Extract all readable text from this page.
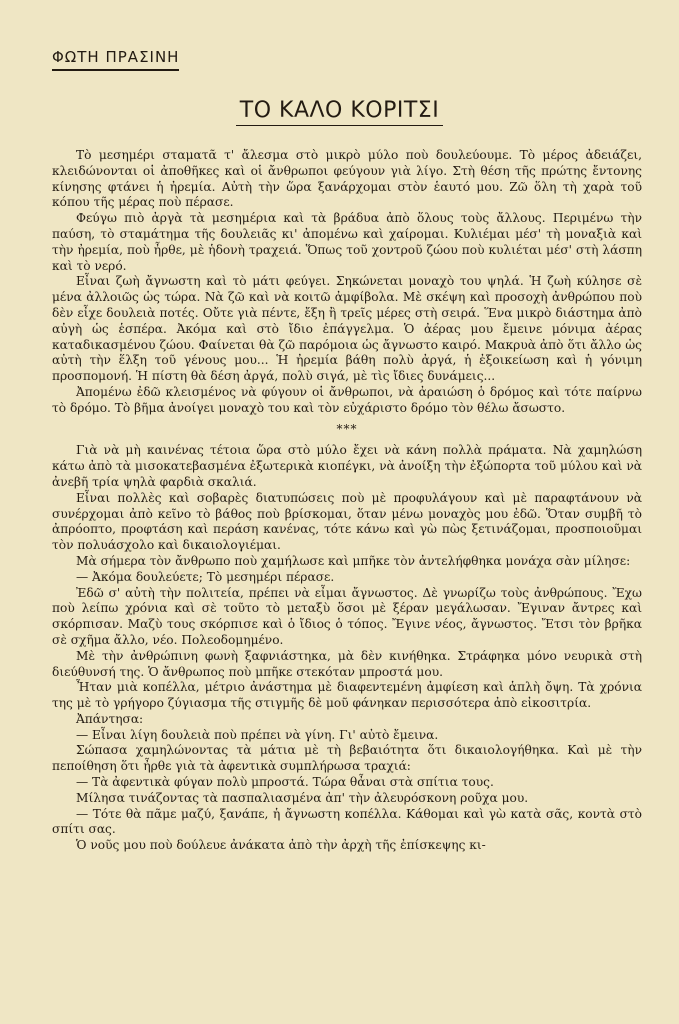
ΦΩΤΗ ΠΡΑΣΙΝΗ
ΤΟ ΚΑΛΟ ΚΟΡΙΤΣΙ

Τὸ μεσημέρι σταματᾶ τ' ἄλεσμα στὸ μικρὸ μύλο ποὺ δουλεύουμε. Τὸ μέρος ἀδειάζει, κλειδώνονται οἱ ἀποθῆκες καὶ οἱ ἄνθρωποι φεύγουν γιὰ λίγο. Στὴ θέση τῆς πρώτης ἔντονης κίνησης φτάνει ἡ ἠρεμία. Αὐτὴ τὴν ὥρα ξανάρχομαι στὸν ἑαυτό μου. Ζῶ ὅλη τὴ χαρὰ τοῦ κόπου τῆς μέρας ποὺ πέρασε.

Φεύγω πιὸ ἀργὰ τὰ μεσημέρια καὶ τὰ βράδυα ἀπὸ ὅλους τοὺς ἄλλους. Περιμένω τὴν παύση, τὸ σταμάτημα τῆς δουλειᾶς κι' ἀπομένω καὶ χαίρομαι. Κυλιέμαι μέσ' τὴ μοναξιὰ καὶ τὴν ἠρεμία, ποὺ ἦρθε, μὲ ἡδονὴ τραχειά. Ὅπως τοῦ χοντροῦ ζώου ποὺ κυλιέται μέσ' στὴ λάσπη καὶ τὸ νερό.

Εἶναι ζωὴ ἄγνωστη καὶ τὸ μάτι φεύγει. Σηκώνεται μοναχὸ του ψηλά. Ἡ ζωὴ κύλησε σὲ μένα ἀλλοιῶς ὡς τώρα. Νὰ ζῶ καὶ νὰ κοιτῶ ἀμφίβολα. Μὲ σκέψη καὶ προσοχὴ ἀνθρώπου ποὺ δὲν εἶχε δουλειὰ ποτές. Οὔτε γιὰ πέντε, ἔξη ἢ τρεῖς μέρες στὴ σειρά. Ἕνα μικρὸ διάστημα ἀπὸ αὐγὴ ὡς ἑσπέρα. Ἀκόμα καὶ στὸ ἴδιο ἐπάγγελμα. Ὁ ἀέρας μου ἔμεινε μόνιμα ἀέρας καταδικασμένου ζώου. Φαίνεται θὰ ζῶ παρόμοια ὡς ἄγνωστο καιρό. Μακρυὰ ἀπὸ ὅτι ἄλλο ὡς αὐτὴ τὴν ἕλξη τοῦ γένους μου... Ἡ ἠρεμία βάθη πολὺ ἀργά, ἡ ἐξοικείωση καὶ ἡ γόνιμη προσπομονή. Ἡ πίστη θὰ δέση ἀργά, πολὺ σιγά, μὲ τὶς ἴδιες δυνάμεις...

Ἀπομένω ἐδῶ κλεισμένος νὰ φύγουν οἱ ἄνθρωποι, νὰ ἀραιώση ὁ δρόμος καὶ τότε παίρνω τὸ δρόμο. Τὸ βῆμα ἀνοίγει μοναχὸ του καὶ τὸν εὐχάριστο δρόμο τὸν θέλω ἄσωστο.

***

Γιὰ νὰ μὴ καινένας τέτοια ὥρα στὸ μύλο ἔχει νὰ κάνη πολλὰ πράματα. Νὰ χαμηλώση κάτω ἀπὸ τὰ μισοκατεβασμένα ἐξωτερικὰ κιοπέγκι, νὰ ἀνοίξη τὴν ἐξώπορτα τοῦ μύλου καὶ νὰ ἀνεβῆ τρία ψηλὰ φαρδιὰ σκαλιά.

Εἶναι πολλὲς καὶ σοβαρὲς διατυπώσεις ποὺ μὲ προφυλάγουν καὶ μὲ παραφτάνουν νὰ συνέρχομαι ἀπὸ κεῖνο τὸ βάθος ποὺ βρίσκομαι, ὅταν μένω μοναχὸς μου ἐδῶ. Ὅταν συμβῆ τὸ ἀπρόοπτο, προφτάση καὶ περάση κανένας, τότε κάνω καὶ γὼ πὼς ξετινάζομαι, προσποιοῦμαι τὸν πολυάσχολο καὶ δικαιολογιέμαι.

Μὰ σήμερα τὸν ἄνθρωπο ποὺ χαμήλωσε καὶ μπῆκε τὸν ἀντελήφθηκα μονάχα σὰν μίλησε:

— Ἀκόμα δουλεύετε; Τὸ μεσημέρι πέρασε.

Ἐδῶ σ' αὐτὴ τὴν πολιτεία, πρέπει νὰ εἶμαι ἄγνωστος. Δὲ γνωρίζω τοὺς ἀνθρώπους. Ἔχω ποὺ λείπω χρόνια καὶ σὲ τοῦτο τὸ μεταξὺ ὅσοι μὲ ξέραν μεγάλωσαν. Ἔγιναν ἄντρες καὶ σκόρπισαν. Μαζὺ τους σκόρπισε καὶ ὁ ἴδιος ὁ τόπος. Ἔγινε νέος, ἄγνωστος. Ἔτσι τὸν βρῆκα σὲ σχῆμα ἄλλο, νέο. Πολεοδομημένο.

Μὲ τὴν ἀνθρώπινη φωνὴ ξαφνιάστηκα, μὰ δὲν κινήθηκα. Στράφηκα μόνο νευρικὰ στὴ διεύθυνσή της. Ὁ ἄνθρωπος ποὺ μπῆκε στεκόταν μπροστά μου.

Ἦταν μιὰ κοπέλλα, μέτριο ἀνάστημα μὲ διαφεντεμένη ἀμφίεση καὶ ἁπλὴ ὄψη. Τὰ χρόνια της μὲ τὸ γρήγορο ζύγιασμα τῆς στιγμῆς δὲ μοῦ φάνηκαν περισσότερα ἀπὸ εἰκοσιτρία.

Ἀπάντησα:

— Εἶναι λίγη δουλειὰ ποὺ πρέπει νὰ γίνη. Γι' αὐτὸ ἔμεινα.

Σώπασα χαμηλώνοντας τὰ μάτια μὲ τὴ βεβαιότητα ὅτι δικαιολογήθηκα. Καὶ μὲ τὴν πεποίθηση ὅτι ἦρθε γιὰ τὰ ἀφεντικὰ συμπλήρωσα τραχιά:

— Τὰ ἀφεντικὰ φύγαν πολὺ μπροστά. Τώρα θἆναι στὰ σπίτια τους.

Μίλησα τινάζοντας τὰ πασπαλιασμένα ἀπ' τὴν ἀλευρόσκονη ροῦχα μου.

— Τότε θὰ πᾶμε μαζύ, ξανάπε, ἡ ἄγνωστη κοπέλλα. Κάθομαι καὶ γὼ κατὰ σᾶς, κοντὰ στὸ σπίτι σας.

Ὁ νοῦς μου ποὺ δούλευε ἀνάκατα ἀπὸ τὴν ἀρχὴ τῆς ἐπίσκεψης κι-
